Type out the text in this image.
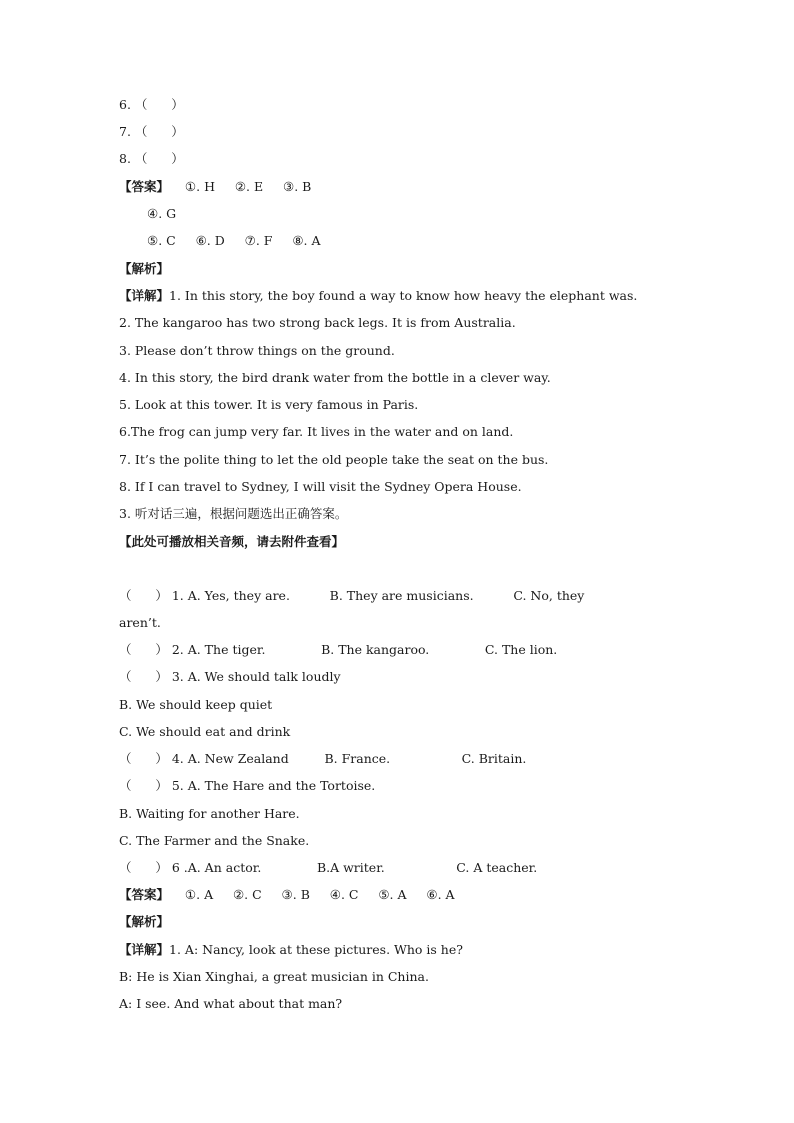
6. （      ）
7. （      ）
8. （      ）
【答案】 ①. H     ②. E     ③. B
④. G
⑤. C     ⑥. D     ⑦. F     ⑧. A
【解析】
【详解】1. In this story, the boy found a way to know how heavy the elephant was.
2. The kangaroo has two strong back legs. It is from Australia.
3. Please don’t throw things on the ground.
4. In this story, the bird drank water from the bottle in a clever way.
5. Look at this tower. It is very famous in Paris.
6.The frog can jump very far. It lives in the water and on land.
7. It’s the polite thing to let the old people take the seat on the bus.
8. If I can travel to Sydney, I will visit the Sydney Opera House.
3. 听对话三遍，根据问题选出正确答案。
【此处可播放相关音频，请去附件查看】
（      ） 1. A. Yes, they are.          B. They are musicians.          C. No, they
aren’t.
（      ） 2. A. The tiger.              B. The kangaroo.              C. The lion.
（      ） 3. A. We should talk loudly
B. We should keep quiet
C. We should eat and drink
（      ） 4. A. New Zealand         B. France.                  C. Britain.
（      ） 5. A. The Hare and the Tortoise.
B. Waiting for another Hare.
C. The Farmer and the Snake.
（      ） 6 .A. An actor.              B.A writer.                  C. A teacher.
【答案】 ①. A     ②. C     ③. B     ④. C     ⑤. A     ⑥. A
【解析】
【详解】1. A: Nancy, look at these pictures. Who is he?
B: He is Xian Xinghai, a great musician in China.
A: I see. And what about that man?
